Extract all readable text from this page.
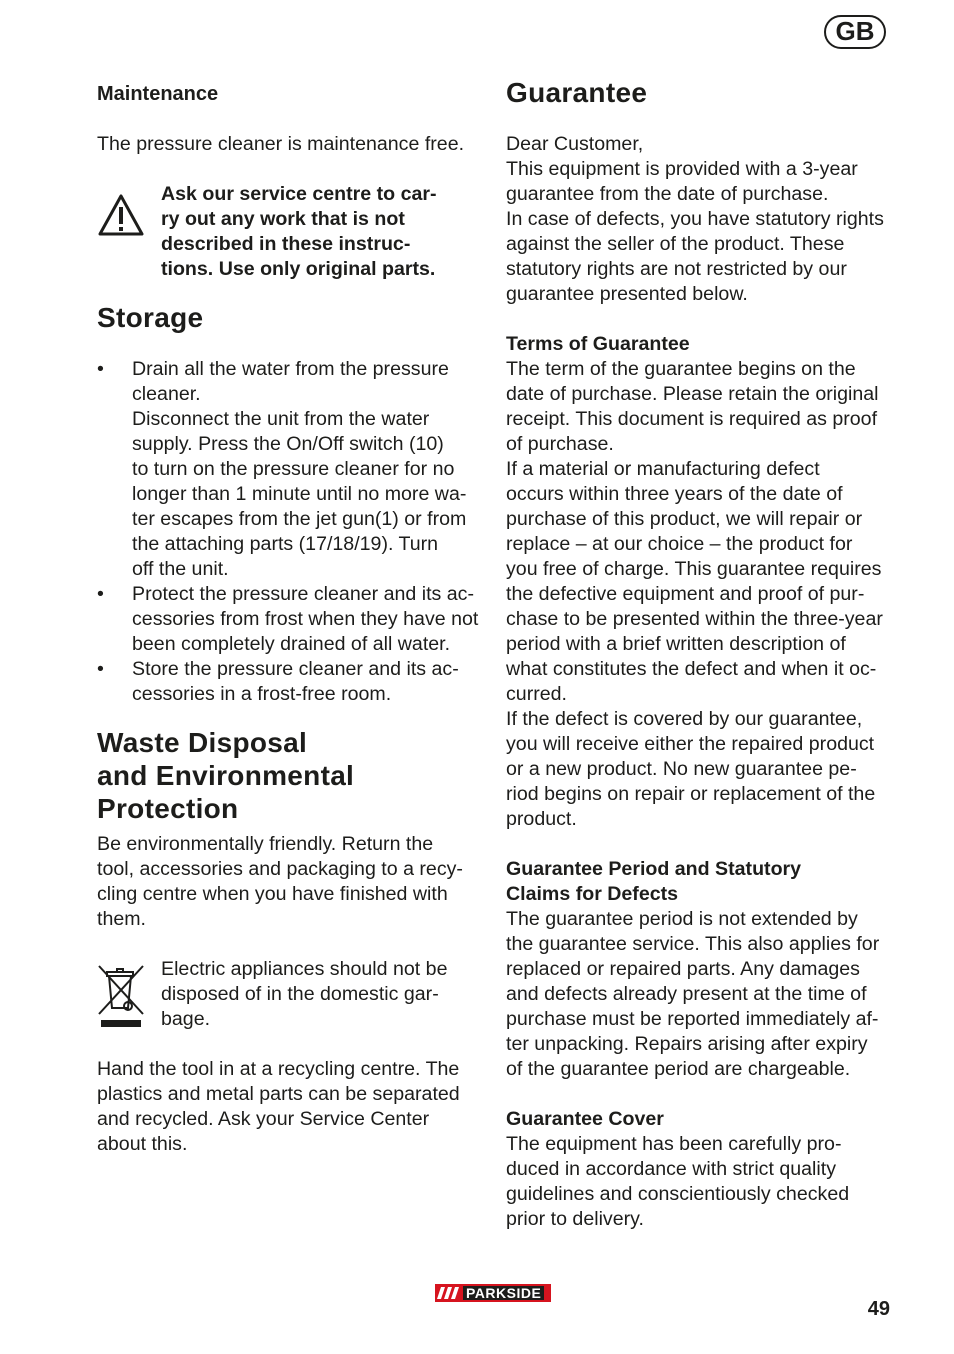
GB
Maintenance

The pressure cleaner is maintenance free.

Ask our service centre to car-
ry out any work that is not
described in these instruc-
tions. Use only original parts.

Storage
• Drain all the water from the pressure
cleaner.
Disconnect the unit from the water
supply. Press the On/Off switch (10)
to turn on the pressure cleaner for no
longer than 1 minute until no more wa-
ter escapes from the jet gun(1) or from
the attaching parts (17/18/19). Turn
off the unit.
• Protect the pressure cleaner and its ac-
cessories from frost when they have not
been completely drained of all water.
• Store the pressure cleaner and its ac-
cessories in a frost-free room.
Waste Disposal
and Environmental
Protection

Be environmentally friendly. Return the
tool, accessories and packaging to a recy-
cling centre when you have finished with
them.

Electric appliances should not be
disposed of in the domestic gar-
bage.

Hand the tool in at a recycling centre. The
plastics and metal parts can be separated
and recycled. Ask your Service Center
about this.

Guarantee

Dear Customer,
This equipment is provided with a 3-year
guarantee from the date of purchase.
In case of defects, you have statutory rights
against the seller of the product. These
statutory rights are not restricted by our
guarantee presented below.

Terms of Guarantee

The term of the guarantee begins on the
date of purchase. Please retain the original
receipt. This document is required as proof
of purchase.
If a material or manufacturing defect
occurs within three years of the date of
purchase of this product, we will repair or
replace – at our choice – the product for
you free of charge. This guarantee requires
the defective equipment and proof of pur-
chase to be presented within the three-year
period with a brief written description of
what constitutes the defect and when it oc-
curred.
If the defect is covered by our guarantee,
you will receive either the repaired product
or a new product. No new guarantee pe-
riod begins on repair or replacement of the
product.

Guarantee Period and Statutory
Claims for Defects

The guarantee period is not extended by
the guarantee service. This also applies for
replaced or repaired parts. Any damages
and defects already present at the time of
purchase must be reported immediately af-
ter unpacking. Repairs arising after expiry
of the guarantee period are chargeable.

Guarantee Cover

The equipment has been carefully pro-
duced in accordance with strict quality
guidelines and conscientiously checked
prior to delivery.

PARKSIDE
49
